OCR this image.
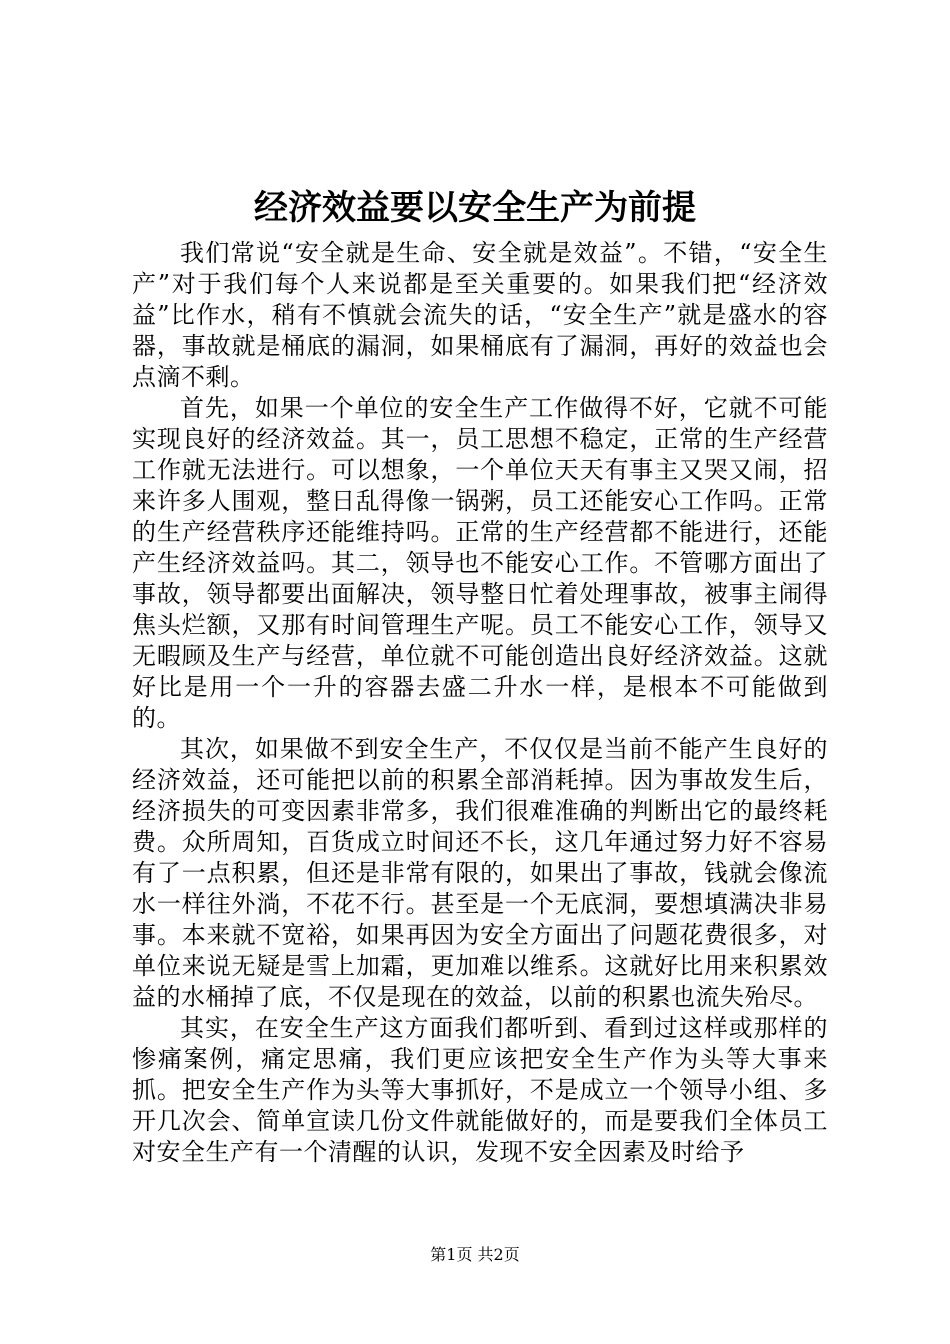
经济效益要以安全生产为前提

我们常说“安全就是生命、安全就是效益”。不错，“安全生产”对于我们每个人来说都是至关重要的。如果我们把“经济效益”比作水，稍有不慎就会流失的话，“安全生产”就是盛水的容器，事故就是桶底的漏洞，如果桶底有了漏洞，再好的效益也会点滴不剩。

首先，如果一个单位的安全生产工作做得不好，它就不可能实现良好的经济效益。其一，员工思想不稳定，正常的生产经营工作就无法进行。可以想象，一个单位天天有事主又哭又闹，招来许多人围观，整日乱得像一锅粥，员工还能安心工作吗。正常的生产经营秩序还能维持吗。正常的生产经营都不能进行，还能产生经济效益吗。其二，领导也不能安心工作。不管哪方面出了事故，领导都要出面解决，领导整日忙着处理事故，被事主闹得焦头烂额，又那有时间管理生产呢。员工不能安心工作，领导又无暇顾及生产与经营，单位就不可能创造出良好经济效益。这就好比是用一个一升的容器去盛二升水一样，是根本不可能做到的。

其次，如果做不到安全生产，不仅仅是当前不能产生良好的经济效益，还可能把以前的积累全部消耗掉。因为事故发生后，经济损失的可变因素非常多，我们很难准确的判断出它的最终耗费。众所周知，百货成立时间还不长，这几年通过努力好不容易有了一点积累，但还是非常有限的，如果出了事故，钱就会像流水一样往外淌，不花不行。甚至是一个无底洞，要想填满决非易事。本来就不宽裕，如果再因为安全方面出了问题花费很多，对单位来说无疑是雪上加霜，更加难以维系。这就好比用来积累效益的水桶掉了底，不仅是现在的效益，以前的积累也流失殆尽。

其实，在安全生产这方面我们都听到、看到过这样或那样的惨痛案例，痛定思痛，我们更应该把安全生产作为头等大事来抓。把安全生产作为头等大事抓好，不是成立一个领导小组、多开几次会、简单宣读几份文件就能做好的，而是要我们全体员工对安全生产有一个清醒的认识，发现不安全因素及时给予

第1页 共2页
